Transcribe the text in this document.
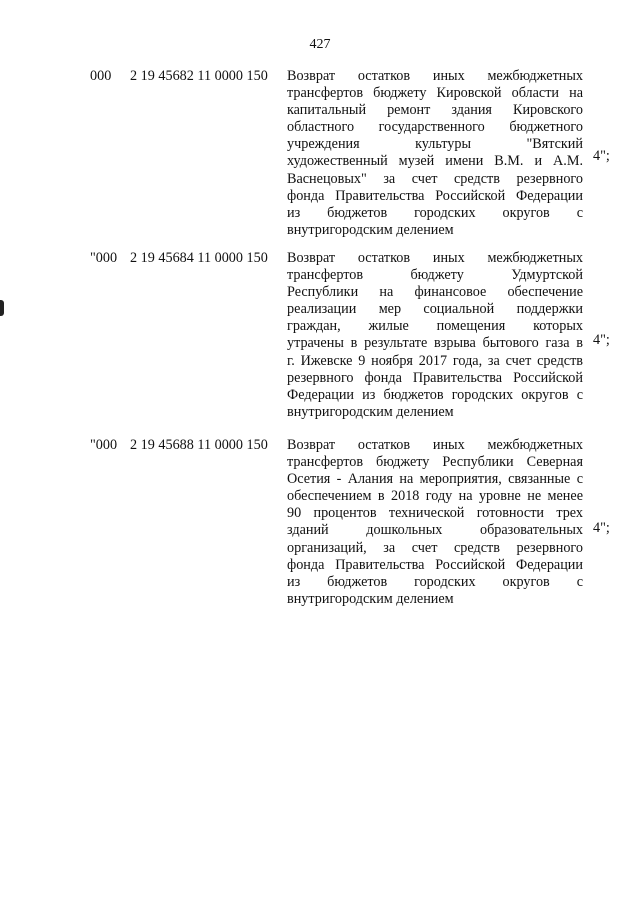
427
000 2 19 45682 11 0000 150 Возврат остатков иных межбюджетных
трансфертов бюджету Кировской области на
капитальный ремонт здания Кировского
областного государственного бюджетного
учреждения культуры "Вятский
художественный музей имени В.М. и А.М.
Васнецовых" за счет средств резервного
фонда Правительства Российской Федерации
из бюджетов городских округов с
внутригородским делением
4";
"000 2 19 45684 11 0000 150 Возврат остатков иных межбюджетных
трансфертов бюджету Удмуртской
Республики на финансовое обеспечение
реализации мер социальной поддержки
граждан, жилые помещения которых
утрачены в результате взрыва бытового газа в
г. Ижевске 9 ноября 2017 года, за счет средств
резервного фонда Правительства Российской
Федерации из бюджетов городских округов с
внутригородским делением
4";
"000 2 19 45688 11 0000 150 Возврат остатков иных межбюджетных
трансфертов бюджету Республики Северная
Осетия - Алания на мероприятия, связанные с
обеспечением в 2018 году на уровне не менее
90 процентов технической готовности трех
зданий дошкольных образовательных
организаций, за счет средств резервного
фонда Правительства Российской Федерации
из бюджетов городских округов с
внутригородским делением
4";
